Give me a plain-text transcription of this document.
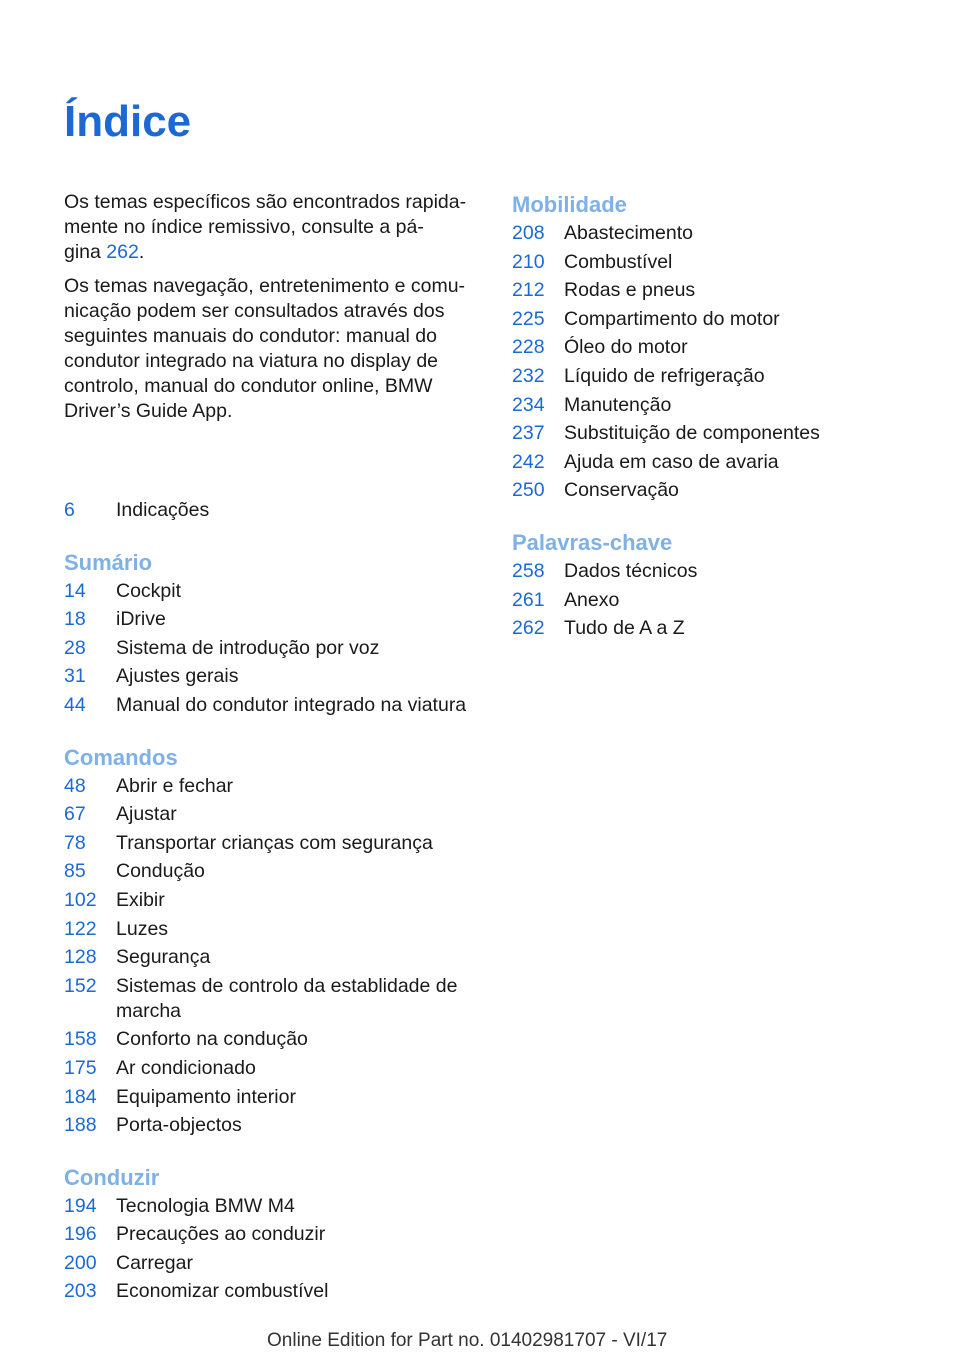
Índice

Os temas específicos são encontrados rapida‐
mente no índice remissivo, consulte a pá‐
gina 262.

Os temas navegação, entretenimento e comu‐
nicação podem ser consultados através dos
seguintes manuais do condutor: manual do
condutor integrado na viatura no display de
controlo, manual do condutor online, BMW
Driver’s Guide App.

6	Indicações
Sumário
14	Cockpit
18	iDrive
28	Sistema de introdução por voz
31	Ajustes gerais
44	Manual do condutor integrado na viatura
Comandos
48	Abrir e fechar
67	Ajustar
78	Transportar crianças com segurança
85	Condução
102 Exibir
122 Luzes
128 Segurança
152 Sistemas de controlo da establidade de marcha
158 Conforto na condução
175 Ar condicionado
184 Equipamento interior
188 Porta-objectos
Conduzir
194 Tecnologia BMW M4
196 Precauções ao conduzir
200 Carregar
203 Economizar combustível
Mobilidade
208 Abastecimento
210 Combustível
212 Rodas e pneus
225 Compartimento do motor
228 Óleo do motor
232 Líquido de refrigeração
234 Manutenção
237 Substituição de componentes
242 Ajuda em caso de avaria
250 Conservação
Palavras-chave
258 Dados técnicos
261 Anexo
262 Tudo de A a Z
Online Edition for Part no. 01402981707 - VI/17
